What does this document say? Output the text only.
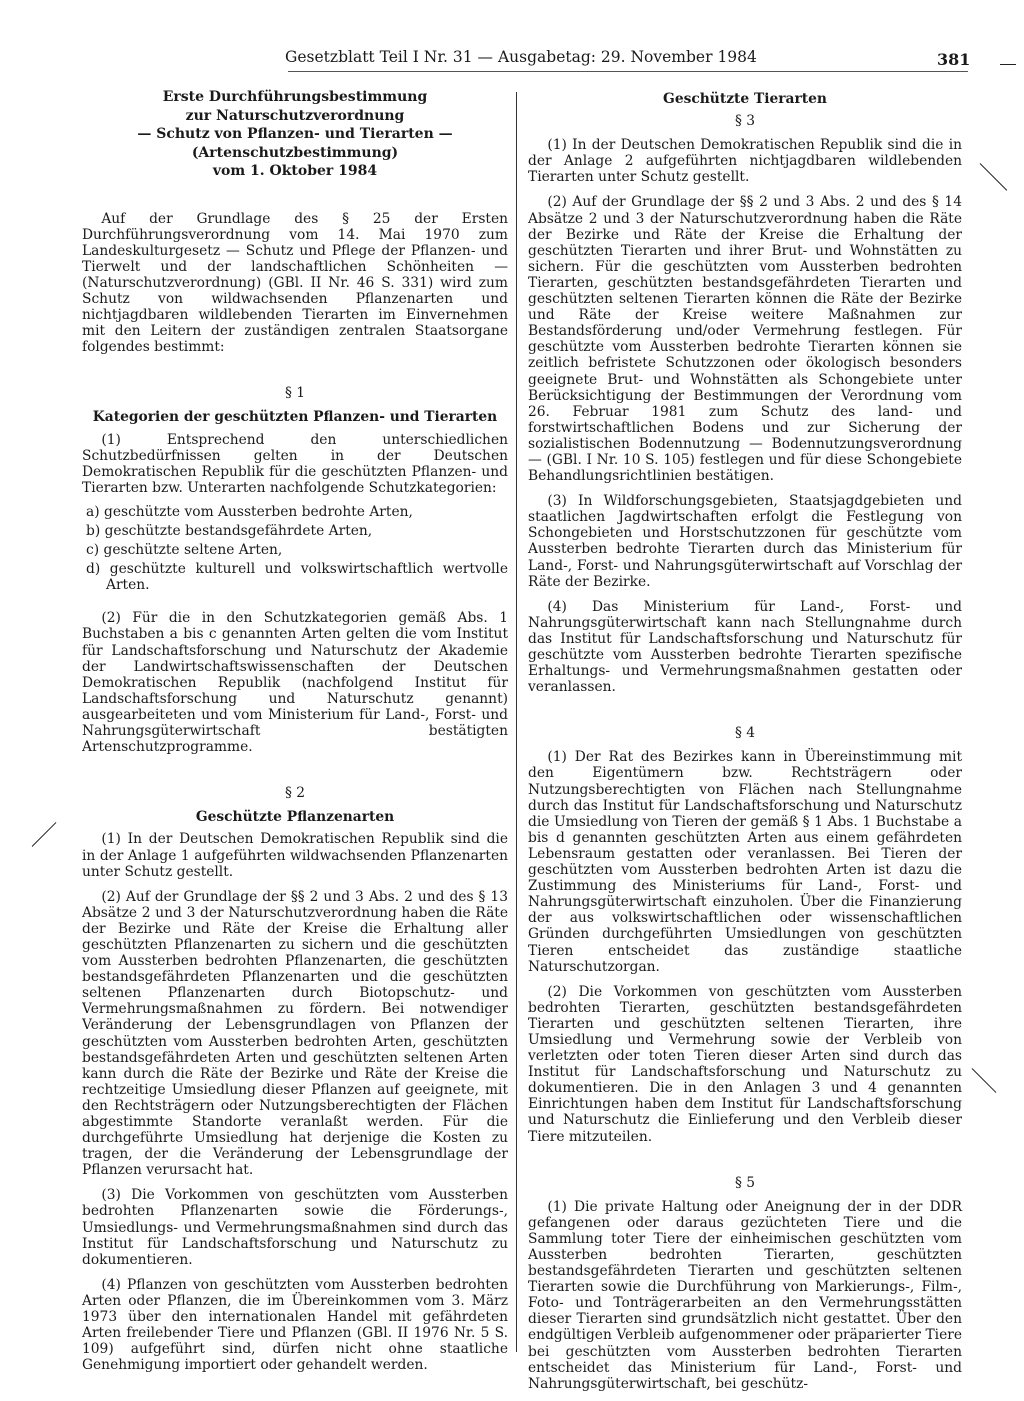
Gesetzblatt Teil I Nr. 31 — Ausgabetag: 29. November 1984	381

Erste Durchführungsbestimmung

zur Naturschutzverordnung

— Schutz von Pflanzen- und Tierarten —

(Artenschutzbestimmung)

vom 1. Oktober 1984

Auf der Grundlage des § 25 der Ersten Durchführungsverordnung vom 14. Mai 1970 zum Landeskulturgesetz — Schutz und Pflege der Pflanzen- und Tierwelt und der landschaftlichen Schönheiten — (Naturschutzverordnung) (GBl. II Nr. 46 S. 331) wird zum Schutz von wildwachsenden Pflanzenarten und nichtjagdbaren wildlebenden Tierarten im Einvernehmen mit den Leitern der zuständigen zentralen Staatsorgane folgendes bestimmt:

§ 1

Kategorien der geschützten Pflanzen- und Tierarten

(1) Entsprechend den unterschiedlichen Schutzbedürfnissen gelten in der Deutschen Demokratischen Republik für die geschützten Pflanzen- und Tierarten bzw. Unterarten nachfolgende Schutzkategorien:

a) geschützte vom Aussterben bedrohte Arten,
b) geschützte bestandsgefährdete Arten,
c) geschützte seltene Arten,
d) geschützte kulturell und volkswirtschaftlich wertvolle Arten.

(2) Für die in den Schutzkategorien gemäß Abs. 1 Buchstaben a bis c genannten Arten gelten die vom Institut für Landschaftsforschung und Naturschutz der Akademie der Landwirtschaftswissenschaften der Deutschen Demokratischen Republik (nachfolgend Institut für Landschaftsforschung und Naturschutz genannt) ausgearbeiteten und vom Ministerium für Land-, Forst- und Nahrungsgüterwirtschaft bestätigten Artenschutzprogramme.

§ 2

Geschützte Pflanzenarten

(1) In der Deutschen Demokratischen Republik sind die in der Anlage 1 aufgeführten wildwachsenden Pflanzenarten unter Schutz gestellt.

(2) Auf der Grundlage der §§ 2 und 3 Abs. 2 und des § 13 Absätze 2 und 3 der Naturschutzverordnung haben die Räte der Bezirke und Räte der Kreise die Erhaltung aller geschützten Pflanzenarten zu sichern und die geschützten vom Aussterben bedrohten Pflanzenarten, die geschützten bestandsgefährdeten Pflanzenarten und die geschützten seltenen Pflanzenarten durch Biotopschutz- und Vermehrungsmaßnahmen zu fördern. Bei notwendiger Veränderung der Lebensgrundlagen von Pflanzen der geschützten vom Aussterben bedrohten Arten, geschützten bestandsgefährdeten Arten und geschützten seltenen Arten kann durch die Räte der Bezirke und Räte der Kreise die rechtzeitige Umsiedlung dieser Pflanzen auf geeignete, mit den Rechtsträgern oder Nutzungsberechtigten der Flächen abgestimmte Standorte veranlaßt werden. Für die durchgeführte Umsiedlung hat derjenige die Kosten zu tragen, der die Veränderung der Lebensgrundlage der Pflanzen verursacht hat.

(3) Die Vorkommen von geschützten vom Aussterben bedrohten Pflanzenarten sowie die Förderungs-, Umsiedlungs- und Vermehrungsmaßnahmen sind durch das Institut für Landschaftsforschung und Naturschutz zu dokumentieren.

(4) Pflanzen von geschützten vom Aussterben bedrohten Arten oder Pflanzen, die im Übereinkommen vom 3. März 1973 über den internationalen Handel mit gefährdeten Arten freilebender Tiere und Pflanzen (GBl. II 1976 Nr. 5 S. 109) aufgeführt sind, dürfen nicht ohne staatliche Genehmigung importiert oder gehandelt werden.

Geschützte Tierarten

§ 3

(1) In der Deutschen Demokratischen Republik sind die in der Anlage 2 aufgeführten nichtjagdbaren wildlebenden Tierarten unter Schutz gestellt.

(2) Auf der Grundlage der §§ 2 und 3 Abs. 2 und des § 14 Absätze 2 und 3 der Naturschutzverordnung haben die Räte der Bezirke und Räte der Kreise die Erhaltung der geschützten Tierarten und ihrer Brut- und Wohnstätten zu sichern. Für die geschützten vom Aussterben bedrohten Tierarten, geschützten bestandsgefährdeten Tierarten und geschützten seltenen Tierarten können die Räte der Bezirke und Räte der Kreise weitere Maßnahmen zur Bestandsförderung und/oder Vermehrung festlegen. Für geschützte vom Aussterben bedrohte Tierarten können sie zeitlich befristete Schutzzonen oder ökologisch besonders geeignete Brut- und Wohnstätten als Schongebiete unter Berücksichtigung der Bestimmungen der Verordnung vom 26. Februar 1981 zum Schutz des land- und forstwirtschaftlichen Bodens und zur Sicherung der sozialistischen Bodennutzung — Bodennutzungsverordnung — (GBl. I Nr. 10 S. 105) festlegen und für diese Schongebiete Behandlungsrichtlinien bestätigen.

(3) In Wildforschungsgebieten, Staatsjagdgebieten und staatlichen Jagdwirtschaften erfolgt die Festlegung von Schongebieten und Horstschutzzonen für geschützte vom Aussterben bedrohte Tierarten durch das Ministerium für Land-, Forst- und Nahrungsgüterwirtschaft auf Vorschlag der Räte der Bezirke.

(4) Das Ministerium für Land-, Forst- und Nahrungsgüterwirtschaft kann nach Stellungnahme durch das Institut für Landschaftsforschung und Naturschutz für geschützte vom Aussterben bedrohte Tierarten spezifische Erhaltungs- und Vermehrungsmaßnahmen gestatten oder veranlassen.

§ 4

(1) Der Rat des Bezirkes kann in Übereinstimmung mit den Eigentümern bzw. Rechtsträgern oder Nutzungsberechtigten von Flächen nach Stellungnahme durch das Institut für Landschaftsforschung und Naturschutz die Umsiedlung von Tieren der gemäß § 1 Abs. 1 Buchstabe a bis d genannten geschützten Arten aus einem gefährdeten Lebensraum gestatten oder veranlassen. Bei Tieren der geschützten vom Aussterben bedrohten Arten ist dazu die Zustimmung des Ministeriums für Land-, Forst- und Nahrungsgüterwirtschaft einzuholen. Über die Finanzierung der aus volkswirtschaftlichen oder wissenschaftlichen Gründen durchgeführten Umsiedlungen von geschützten Tieren entscheidet das zuständige staatliche Naturschutzorgan.

(2) Die Vorkommen von geschützten vom Aussterben bedrohten Tierarten, geschützten bestandsgefährdeten Tierarten und geschützten seltenen Tierarten, ihre Umsiedlung und Vermehrung sowie der Verbleib von verletzten oder toten Tieren dieser Arten sind durch das Institut für Landschaftsforschung und Naturschutz zu dokumentieren. Die in den Anlagen 3 und 4 genannten Einrichtungen haben dem Institut für Landschaftsforschung und Naturschutz die Einlieferung und den Verbleib dieser Tiere mitzuteilen.

§ 5

(1) Die private Haltung oder Aneignung der in der DDR gefangenen oder daraus gezüchteten Tiere und die Sammlung toter Tiere der einheimischen geschützten vom Aussterben bedrohten Tierarten, geschützten bestandsgefährdeten Tierarten und geschützten seltenen Tierarten sowie die Durchführung von Markierungs-, Film-, Foto- und Tonträgerarbeiten an den Vermehrungsstätten dieser Tierarten sind grundsätzlich nicht gestattet. Über den endgültigen Verbleib aufgenommener oder präparierter Tiere bei geschützten vom Aussterben bedrohten Tierarten entscheidet das Ministerium für Land-, Forst- und Nahrungsgüterwirtschaft, bei geschütz-
